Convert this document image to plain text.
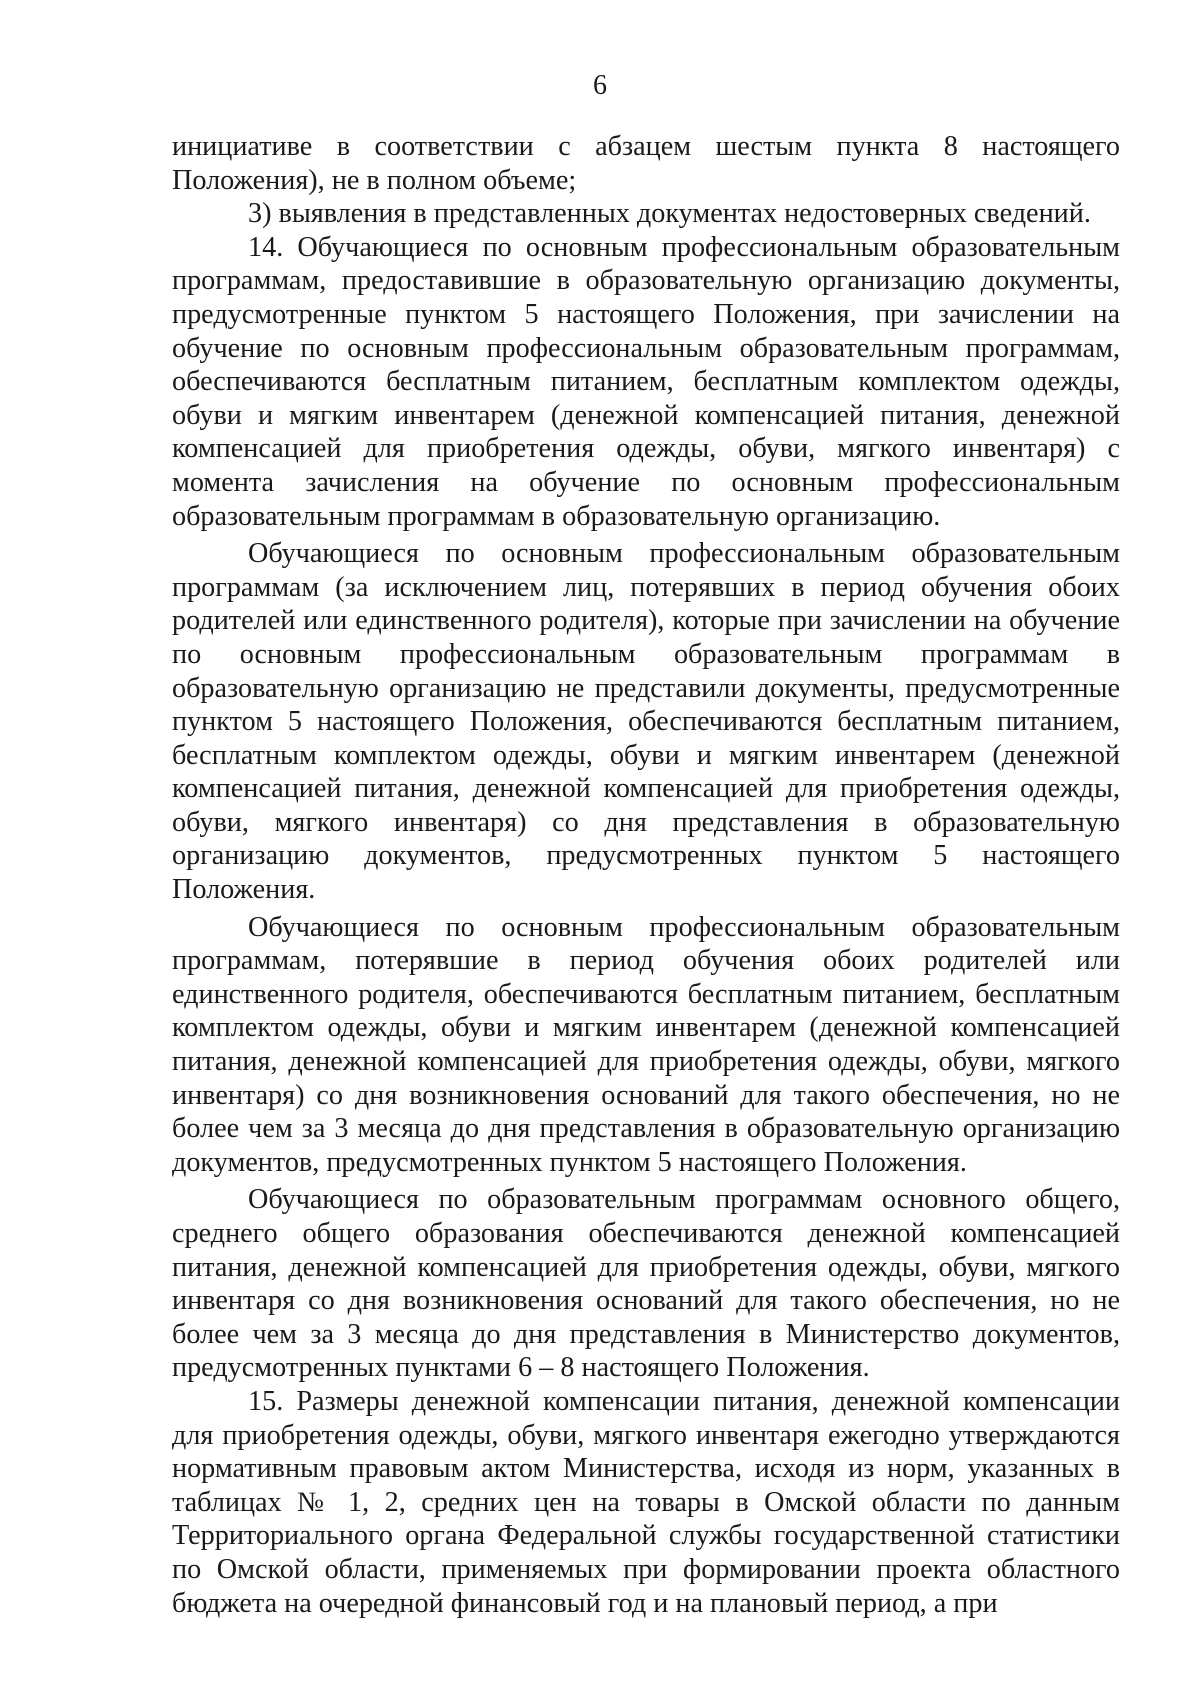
6

инициативе в соответствии с абзацем шестым пункта 8 настоящего Положения), не в полном объеме;

3) выявления в представленных документах недостоверных сведений.

14. Обучающиеся по основным профессиональным образовательным программам, предоставившие в образовательную организацию документы, предусмотренные пунктом 5 настоящего Положения, при зачислении на обучение по основным профессиональным образовательным программам, обеспечиваются бесплатным питанием, бесплатным комплектом одежды, обуви и мягким инвентарем (денежной компенсацией питания, денежной компенсацией для приобретения одежды, обуви, мягкого инвентаря) с момента зачисления на обучение по основным профессиональным образовательным программам в образовательную организацию.

Обучающиеся по основным профессиональным образовательным программам (за исключением лиц, потерявших в период обучения обоих родителей или единственного родителя), которые при зачислении на обучение по основным профессиональным образовательным программам в образовательную организацию не представили документы, предусмотренные пунктом 5 настоящего Положения, обеспечиваются бесплатным питанием, бесплатным комплектом одежды, обуви и мягким инвентарем (денежной компенсацией питания, денежной компенсацией для приобретения одежды, обуви, мягкого инвентаря) со дня представления в образовательную организацию документов, предусмотренных пунктом 5 настоящего Положения.

Обучающиеся по основным профессиональным образовательным программам, потерявшие в период обучения обоих родителей или единственного родителя, обеспечиваются бесплатным питанием, бесплатным комплектом одежды, обуви и мягким инвентарем (денежной компенсацией питания, денежной компенсацией для приобретения одежды, обуви, мягкого инвентаря) со дня возникновения оснований для такого обеспечения, но не более чем за 3 месяца до дня представления в образовательную организацию документов, предусмотренных пунктом 5 настоящего Положения.

Обучающиеся по образовательным программам основного общего, среднего общего образования обеспечиваются денежной компенсацией питания, денежной компенсацией для приобретения одежды, обуви, мягкого инвентаря со дня возникновения оснований для такого обеспечения, но не более чем за 3 месяца до дня представления в Министерство документов, предусмотренных пунктами 6 – 8 настоящего Положения.

15. Размеры денежной компенсации питания, денежной компенсации для приобретения одежды, обуви, мягкого инвентаря ежегодно утверждаются нормативным правовым актом Министерства, исходя из норм, указанных в таблицах № 1, 2, средних цен на товары в Омской области по данным Территориального органа Федеральной службы государственной статистики по Омской области, применяемых при формировании проекта областного бюджета на очередной финансовый год и на плановый период, а при
